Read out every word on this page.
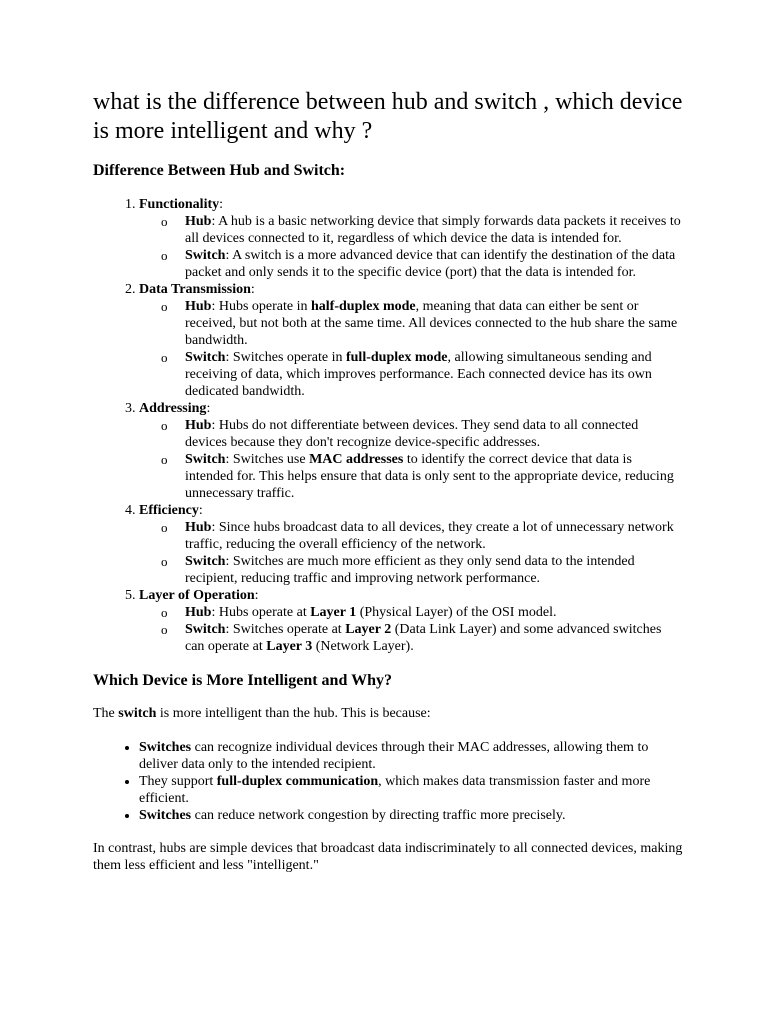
what is the difference between hub and switch , which device is more intelligent and why ?
Difference Between Hub and Switch:
1. Functionality:
o Hub: A hub is a basic networking device that simply forwards data packets it receives to all devices connected to it, regardless of which device the data is intended for.
o Switch: A switch is a more advanced device that can identify the destination of the data packet and only sends it to the specific device (port) that the data is intended for.
2. Data Transmission:
o Hub: Hubs operate in half-duplex mode, meaning that data can either be sent or received, but not both at the same time. All devices connected to the hub share the same bandwidth.
o Switch: Switches operate in full-duplex mode, allowing simultaneous sending and receiving of data, which improves performance. Each connected device has its own dedicated bandwidth.
3. Addressing:
o Hub: Hubs do not differentiate between devices. They send data to all connected devices because they don't recognize device-specific addresses.
o Switch: Switches use MAC addresses to identify the correct device that data is intended for. This helps ensure that data is only sent to the appropriate device, reducing unnecessary traffic.
4. Efficiency:
o Hub: Since hubs broadcast data to all devices, they create a lot of unnecessary network traffic, reducing the overall efficiency of the network.
o Switch: Switches are much more efficient as they only send data to the intended recipient, reducing traffic and improving network performance.
5. Layer of Operation:
o Hub: Hubs operate at Layer 1 (Physical Layer) of the OSI model.
o Switch: Switches operate at Layer 2 (Data Link Layer) and some advanced switches can operate at Layer 3 (Network Layer).
Which Device is More Intelligent and Why?

The switch is more intelligent than the hub. This is because:

• Switches can recognize individual devices through their MAC addresses, allowing them to deliver data only to the intended recipient.
• They support full-duplex communication, which makes data transmission faster and more efficient.
• Switches can reduce network congestion by directing traffic more precisely.

In contrast, hubs are simple devices that broadcast data indiscriminately to all connected devices, making them less efficient and less "intelligent."
